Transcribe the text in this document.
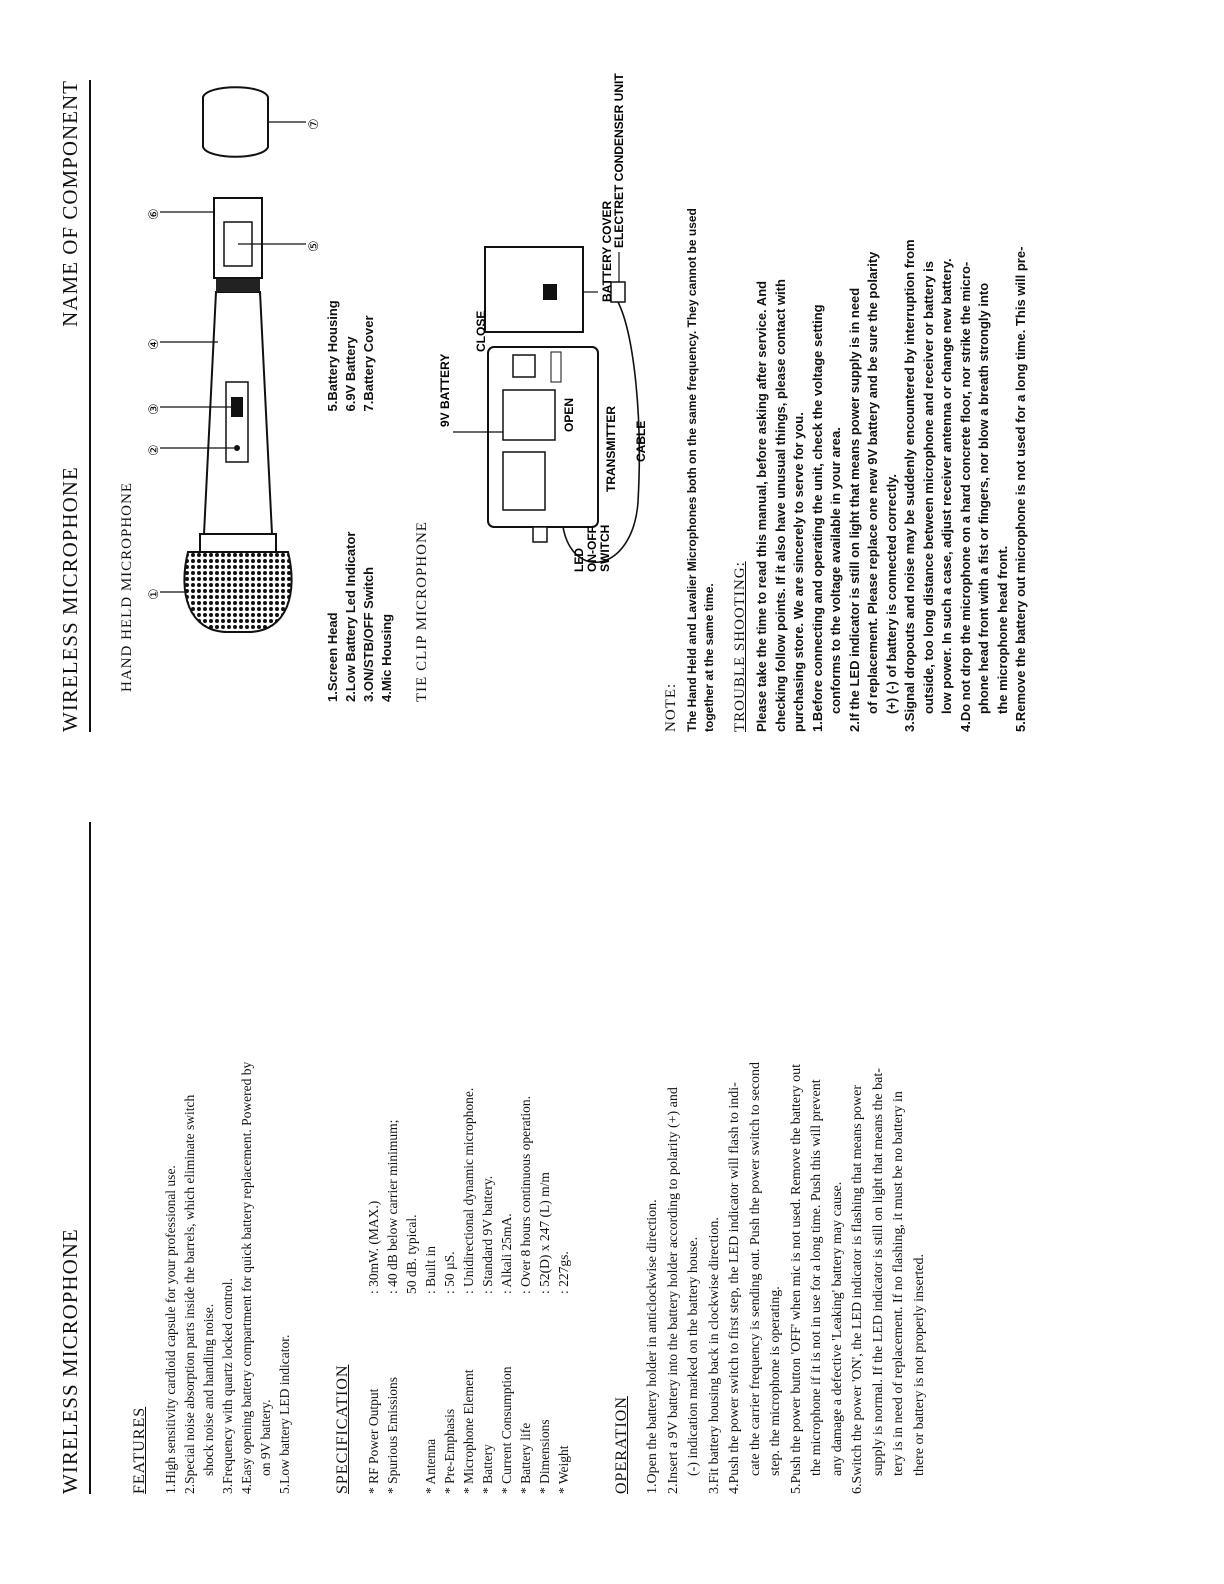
WIRELESS MICROPHONE	FEATURES 1.High sensitivity cardioid capsule for your professional use. 2.Special noise absorption parts inside the barrels, which eliminate switch shock noise and handling noise. 3.Frequency with quartz locked control. 4.Easy opening battery compartment for quick battery replacement. Powered by on 9V battery. 5.Low battery LED indicator.	SPECIFICATION * RF Power Output	: 30mW. (MAX.)
* Spurious Emissions	: 40 dB below carrier minimum;
	50 dB. typical.
* Antenna	: Built in
* Pre-Emphasis	: 50 µS.
* Microphone Element	: Unidirectional dynamic microphone.
* Battery	: Standard 9V battery.
* Current Consumption	: Alkali 25mA.
* Battery life	: Over 8 hours continuous operation.
* Dimensions	: 52(D) x 247 (L) m/m
* Weight	: 227gs.
OPERATION 1.Open the battery holder in anticlockwise direction. 2.Insert a 9V battery into the battery holder according to polarity (+) and (-) indication marked on the battery house. 3.Fit battery housing back in clockwise direction. 4.Push the power switch to first step, the LED indicator will flash to indi- cate the carrier frequency is sending out. Push the power switch to second step. the microphone is operating. 5.Push the power button 'OFF' when mic is not used. Remove the battery out the microphone if it is not in use for a long time. Push this will prevent any damage a defective 'Leaking' battery may cause. 6.Switch the power 'ON', the LED indicator is flashing that means power supply is normal. If the LED indicator is still on light that means the bat- tery is in need of replacement. If no flashing, it must be no battery in there or battery is not properly inserted.

WIRELESS MICROPHONE
NAME OF COMPONENT
HAND HELD MICROPHONE ①
②
③
④
⑤
⑥
⑦
1.Screen Head 2.Low Battery Led Indicator 3.ON/STB/OFF Switch 4.Mic Housing
5.Battery Housing 6.9V Battery 7.Battery Cover
TIE CLIP MICROPHONE
9V BATTERY
LED ON-OFF SWITCH
TRANSMITTER
CLOSE
OPEN
BATTERY COVER
CABLE
ELECTRET CONDENSER UNIT
NOTE: The Hand Held and Lavalier Microphones both on the same frequency. They cannot be used together at the same time. TROUBLE SHOOTING: Please take the time to read this manual, before asking after service. And checking follow points. If it also have unusual things, please contact with purchasing store. We are sincerely to serve for you. 1.Before connecting and operating the unit, check the voltage setting conforms to the voltage available in your area. 2.If the LED indicator is still on light that means power supply is in need of replacement. Please replace one new 9V battery and be sure the polarity (+) (-) of battery is connected correctly. 3.Signal dropouts and noise may be suddenly encountered by interruption from outside, too long distance between microphone and receiver or battery is low power. In such a case, adjust receiver antenna or change new battery. 4.Do not drop the microphone on a hard concrete floor, nor strike the micro- phone head front with a fist or fingers, nor blow a breath strongly into the microphone head front. 5.Remove the battery out microphone is not used for a long time. This will pre-
